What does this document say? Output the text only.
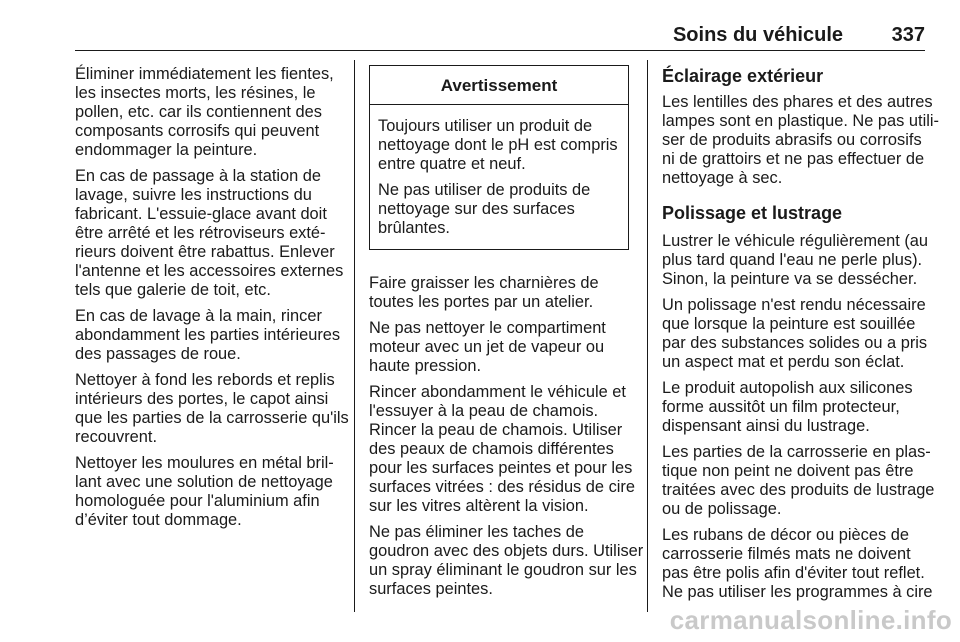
Soins du véhicule 337

Éliminer immédiatement les fientes,
les insectes morts, les résines, le
pollen, etc. car ils contiennent des
composants corrosifs qui peuvent
endommager la peinture.

En cas de passage à la station de
lavage, suivre les instructions du
fabricant. L'essuie-glace avant doit
être arrêté et les rétroviseurs exté‐
rieurs doivent être rabattus. Enlever
l'antenne et les accessoires externes
tels que galerie de toit, etc.

En cas de lavage à la main, rincer
abondamment les parties intérieures
des passages de roue.

Nettoyer à fond les rebords et replis
intérieurs des portes, le capot ainsi
que les parties de la carrosserie qu'ils
recouvrent.

Nettoyer les moulures en métal bril‐
lant avec une solution de nettoyage
homologuée pour l'aluminium afin
d’éviter tout dommage.

Avertissement

Toujours utiliser un produit de
nettoyage dont le pH est compris
entre quatre et neuf.

Ne pas utiliser de produits de
nettoyage sur des surfaces
brûlantes.

Faire graisser les charnières de
toutes les portes par un atelier.

Ne pas nettoyer le compartiment
moteur avec un jet de vapeur ou
haute pression.

Rincer abondamment le véhicule et
l'essuyer à la peau de chamois.
Rincer la peau de chamois. Utiliser
des peaux de chamois différentes
pour les surfaces peintes et pour les
surfaces vitrées : des résidus de cire
sur les vitres altèrent la vision.

Ne pas éliminer les taches de
goudron avec des objets durs. Utiliser
un spray éliminant le goudron sur les
surfaces peintes.

Éclairage extérieur

Les lentilles des phares et des autres
lampes sont en plastique. Ne pas utili‐
ser de produits abrasifs ou corrosifs
ni de grattoirs et ne pas effectuer de
nettoyage à sec.

Polissage et lustrage

Lustrer le véhicule régulièrement (au
plus tard quand l'eau ne perle plus).
Sinon, la peinture va se dessécher.

Un polissage n'est rendu nécessaire
que lorsque la peinture est souillée
par des substances solides ou a pris
un aspect mat et perdu son éclat.

Le produit autopolish aux silicones
forme aussitôt un film protecteur,
dispensant ainsi du lustrage.

Les parties de la carrosserie en plas‐
tique non peint ne doivent pas être
traitées avec des produits de lustrage
ou de polissage.

Les rubans de décor ou pièces de
carrosserie filmés mats ne doivent
pas être polis afin d'éviter tout reflet.
Ne pas utiliser les programmes à cire

carmanualsonline.info
